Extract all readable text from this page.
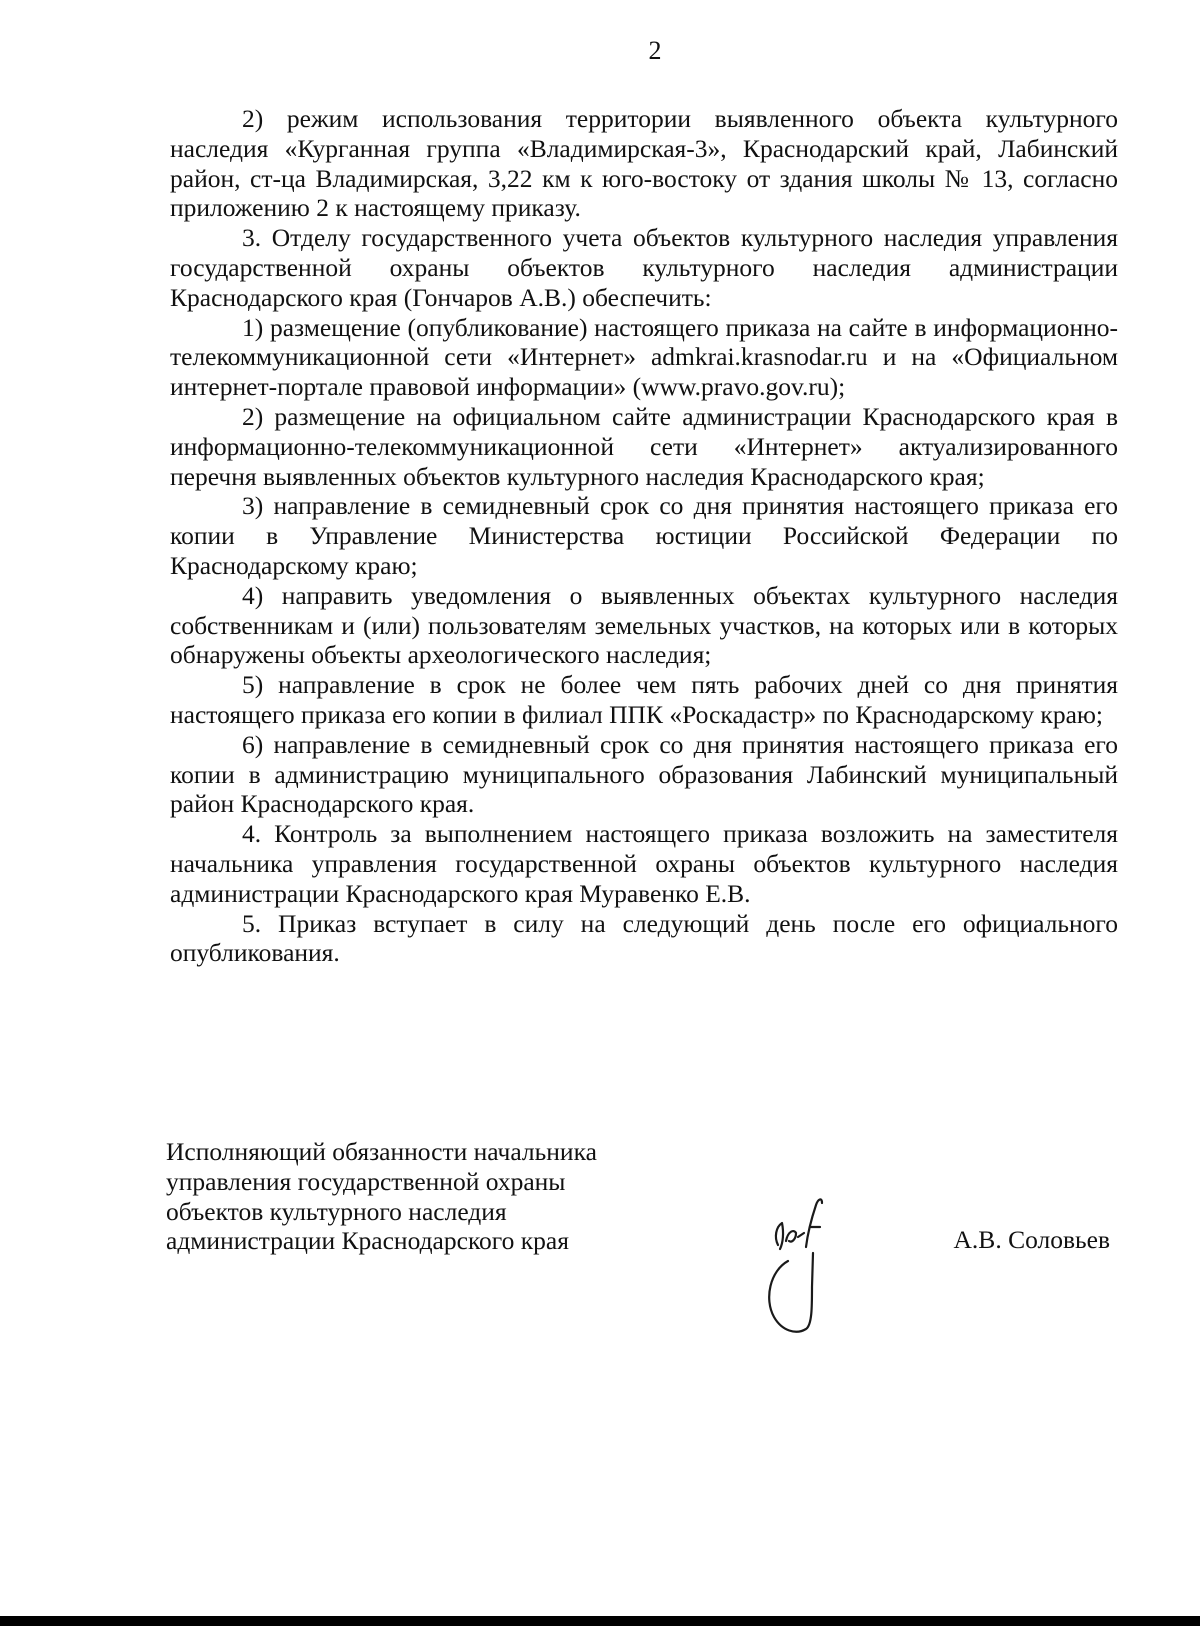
2

2) режим использования территории выявленного объекта культурного наследия «Курганная группа «Владимирская-3», Краснодарский край, Лабинский район, ст-ца Владимирская, 3,22 км к юго-востоку от здания школы № 13, согласно приложению 2 к настоящему приказу.

3. Отделу государственного учета объектов культурного наследия управления государственной охраны объектов культурного наследия администрации Краснодарского края (Гончаров А.В.) обеспечить:

1) размещение (опубликование) настоящего приказа на сайте в информационно-телекоммуникационной сети «Интернет» admkrai.krasnodar.ru и на «Официальном интернет-портале правовой информации» (www.pravo.gov.ru);

2) размещение на официальном сайте администрации Краснодарского края в информационно-телекоммуникационной сети «Интернет» актуализированного перечня выявленных объектов культурного наследия Краснодарского края;

3) направление в семидневный срок со дня принятия настоящего приказа его копии в Управление Министерства юстиции Российской Федерации по Краснодарскому краю;

4) направить уведомления о выявленных объектах культурного наследия собственникам и (или) пользователям земельных участков, на которых или в которых обнаружены объекты археологического наследия;

5) направление в срок не более чем пять рабочих дней со дня принятия настоящего приказа его копии в филиал ППК «Роскадастр» по Краснодарскому краю;

6) направление в семидневный срок со дня принятия настоящего приказа его копии в администрацию муниципального образования Лабинский муниципальный район Краснодарского края.

4. Контроль за выполнением настоящего приказа возложить на заместителя начальника управления государственной охраны объектов культурного наследия администрации Краснодарского края Муравенко Е.В.

5. Приказ вступает в силу на следующий день после его официального опубликования.

Исполняющий обязанности начальника
управления государственной охраны
объектов культурного наследия
администрации Краснодарского края	А.В. Соловьев
